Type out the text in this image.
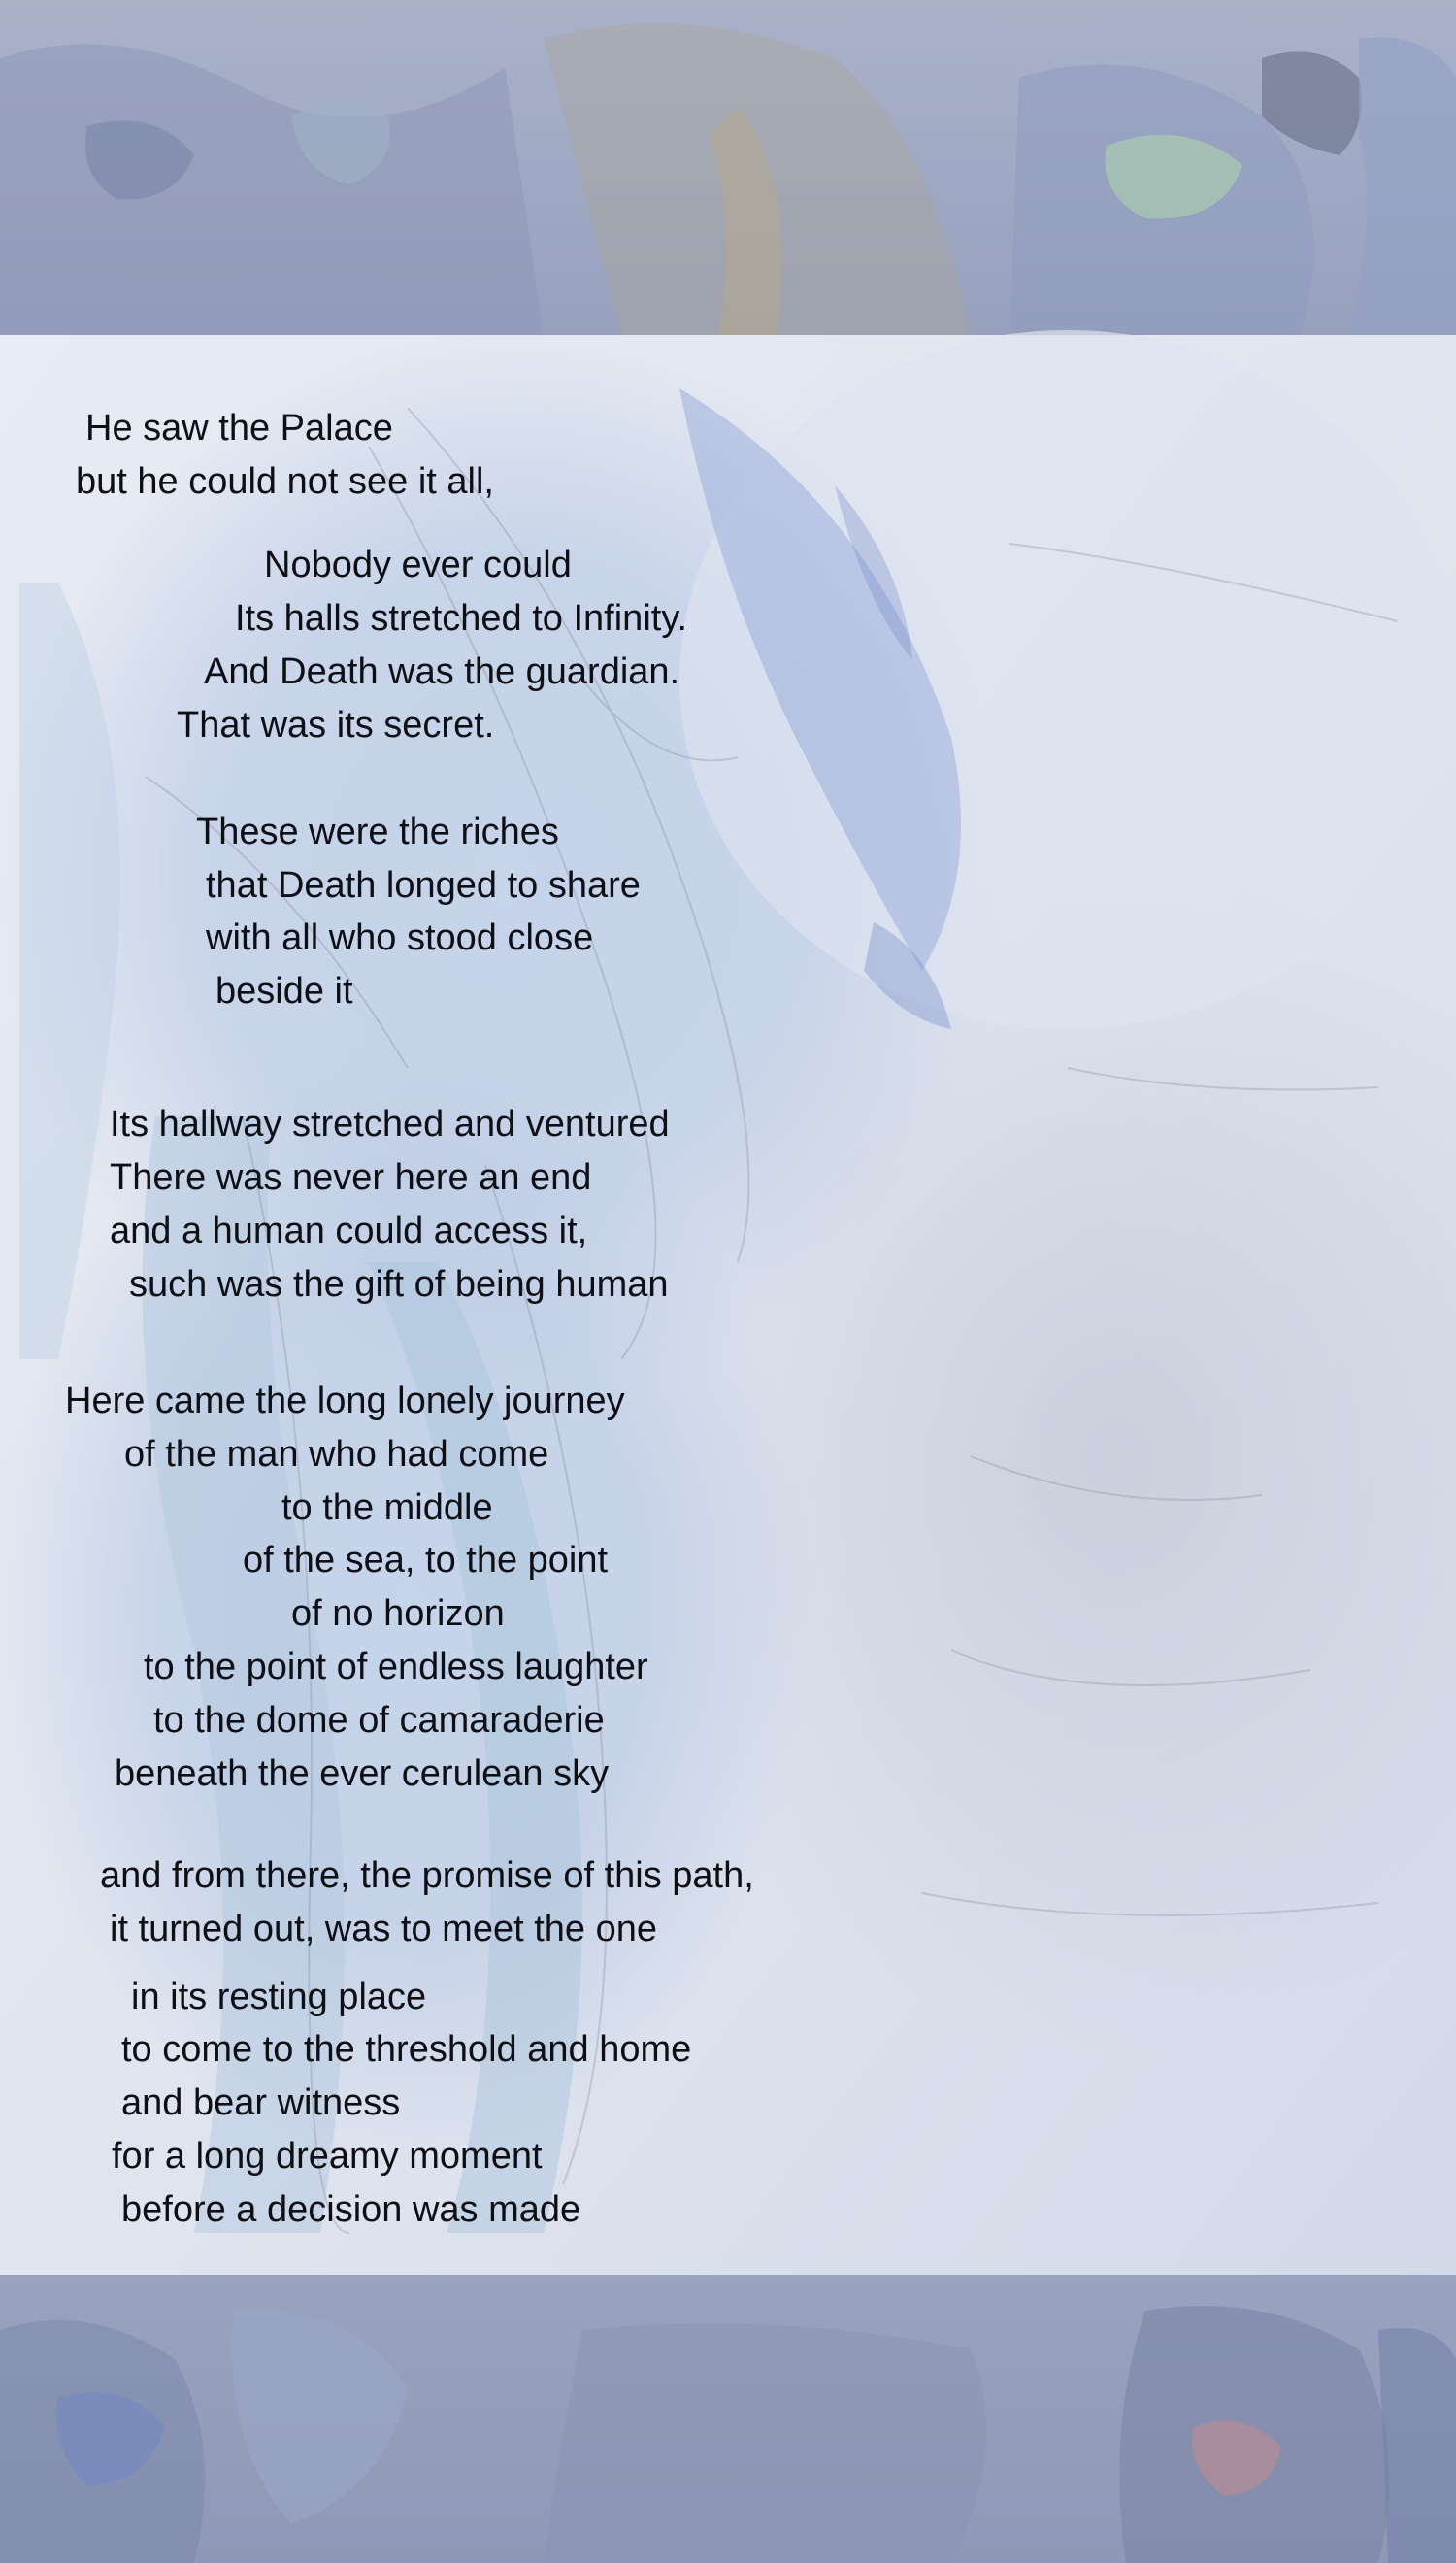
He saw the Palace

but he could not see it all,

Nobody ever could

Its halls stretched to Infinity.

And Death was the guardian.

That was its secret.

These were the riches

that Death longed to share

with all who stood close

beside it

Its hallway stretched and ventured

There was never here an end

and a human could access it,

such was the gift of being human

Here came the long lonely journey

of the man who had come

to the middle

of the sea, to the point

of no horizon

to the point of endless laughter

to the dome of camaraderie

beneath the ever cerulean sky

and from there, the promise of this path,

it turned out, was to meet the one

in its resting place

to come to the threshold and home

and bear witness

for a long dreamy moment

before a decision was made
